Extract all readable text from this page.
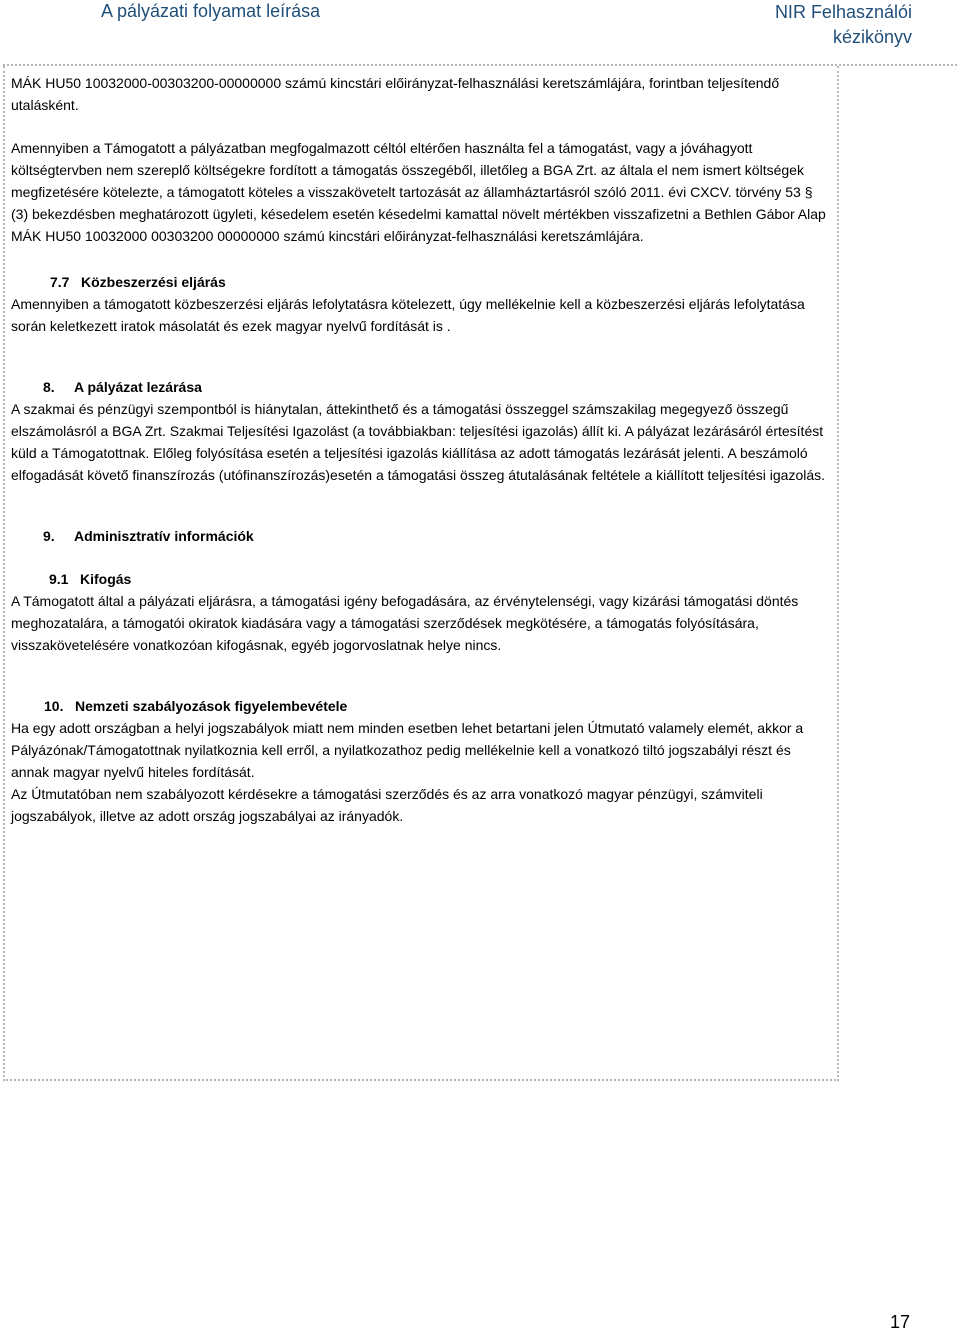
A pályázati folyamat leírása	NIR Felhasználói kézikönyv

MÁK HU50 10032000-00303200-00000000 számú kincstári előirányzat-felhasználási keretszámlájára, forintban teljesítendő utalásként.

Amennyiben a Támogatott a pályázatban megfogalmazott céltól eltérően használta fel a támogatást, vagy a jóváhagyott költségtervben nem szereplő költségekre fordított a támogatás összegéből, illetőleg a BGA Zrt. az általa el nem ismert költségek megfizetésére kötelezte, a támogatott köteles a visszakövetelt tartozását az államháztartásról szóló 2011. évi CXCV. törvény 53 § (3) bekezdésben meghatározott ügyleti, késedelem esetén késedelmi kamattal növelt mértékben visszafizetni a Bethlen Gábor Alap MÁK HU50 10032000 00303200 00000000 számú kincstári előirányzat-felhasználási keretszámlájára.

7.7 Közbeszerzési eljárás

Amennyiben a támogatott közbeszerzési eljárás lefolytatásra kötelezett, úgy mellékelnie kell a közbeszerzési eljárás lefolytatása során keletkezett iratok másolatát és ezek magyar nyelvű fordítását is .

8. A pályázat lezárása

A szakmai és pénzügyi szempontból is hiánytalan, áttekinthető és a támogatási összeggel számszakilag megegyező összegű elszámolásról a BGA Zrt. Szakmai Teljesítési Igazolást (a továbbiakban: teljesítési igazolás) állít ki. A pályázat lezárásáról értesítést küld a Támogatottnak. Előleg folyósítása esetén a teljesítési igazolás kiállítása az adott támogatás lezárását jelenti. A beszámoló elfogadását követő finanszírozás (utófinanszírozás)esetén a támogatási összeg átutalásának feltétele a kiállított teljesítési igazolás.

9. Adminisztratív információk

9.1 Kifogás

A Támogatott által a pályázati eljárásra, a támogatási igény befogadására, az érvénytelenségi, vagy kizárási támogatási döntés meghozatalára, a támogatói okiratok kiadására vagy a támogatási szerződések megkötésére, a támogatás folyósítására, visszakövetelésére vonatkozóan kifogásnak, egyéb jogorvoslatnak helye nincs.

10. Nemzeti szabályozások figyelembevétele

Ha egy adott országban a helyi jogszabályok miatt nem minden esetben lehet betartani jelen Útmutató valamely elemét, akkor a Pályázónak/Támogatottnak nyilatkoznia kell erről, a nyilatkozathoz pedig mellékelnie kell a vonatkozó tiltó jogszabályi részt és annak magyar nyelvű hiteles fordítását.

Az Útmutatóban nem szabályozott kérdésekre a támogatási szerződés és az arra vonatkozó magyar pénzügyi, számviteli jogszabályok, illetve az adott ország jogszabályai az irányadók.

17
